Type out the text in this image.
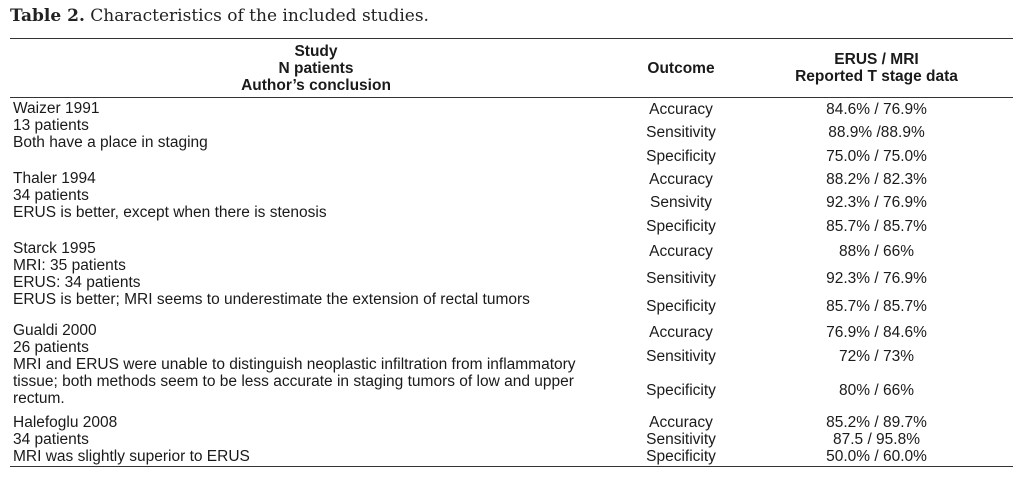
Table 2. Characteristics of the included studies.
Study
N patients
Author’s conclusion
Outcome	ERUS / MRI
Reported T stage data
Waizer 1991
13 patients
Both have a place in staging
Accuracy
Sensitivity
Specificity
84.6% / 76.9%
88.9% /88.9%
75.0% / 75.0%
Thaler 1994
34 patients
ERUS is better, except when there is stenosis
Accuracy
Sensivity
Specificity
88.2% / 82.3%
92.3% / 76.9%
85.7% / 85.7%
Starck 1995
MRI: 35 patients
ERUS: 34 patients
ERUS is better; MRI seems to underestimate the extension of rectal tumors
Accuracy
Sensitivity
Specificity
88% / 66%
92.3% / 76.9%
85.7% / 85.7%
Gualdi 2000
26 patients
MRI and ERUS were unable to distinguish neoplastic infiltration from inflammatory tissue; both methods seem to be less accurate in staging tumors of low and upper rectum.
Accuracy
Sensitivity
Specificity
76.9% / 84.6%
72% / 73%
80% / 66%
Halefoglu 2008
34 patients
MRI was slightly superior to ERUS
Accuracy
Sensitivity
Specificity
85.2% / 89.7%
87.5 / 95.8%
50.0% / 60.0%
